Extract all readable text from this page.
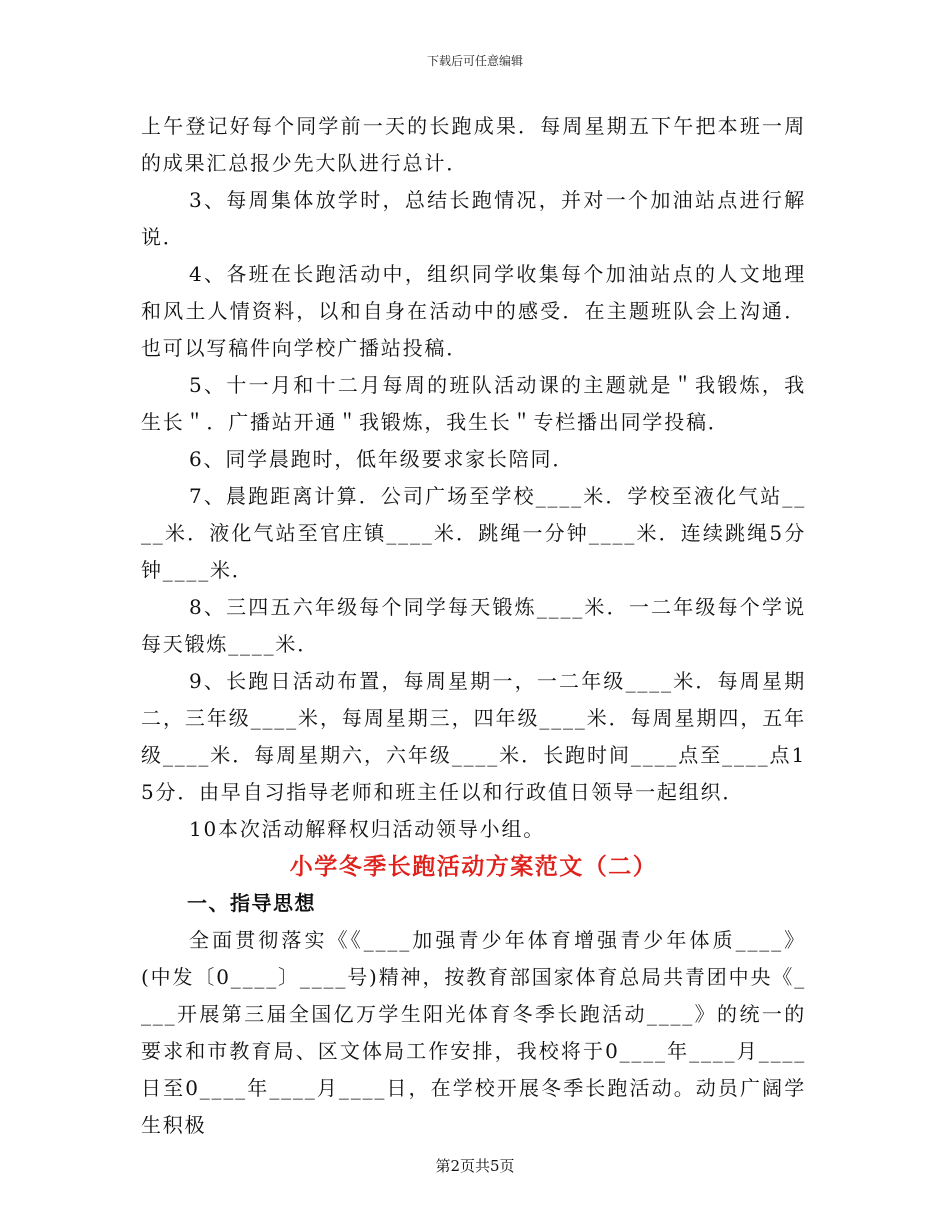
下载后可任意编辑

上午登记好每个同学前一天的长跑成果．每周星期五下午把本班一周的成果汇总报少先大队进行总计．

3、每周集体放学时，总结长跑情况，并对一个加油站点进行解说．

4、各班在长跑活动中，组织同学收集每个加油站点的人文地理和风土人情资料，以和自身在活动中的感受．在主题班队会上沟通．也可以写稿件向学校广播站投稿．

5、十一月和十二月每周的班队活动课的主题就是＂我锻炼，我生长＂．广播站开通＂我锻炼，我生长＂专栏播出同学投稿．

6、同学晨跑时，低年级要求家长陪同．

7、晨跑距离计算．公司广场至学校____米．学校至液化气站____米．液化气站至官庄镇____米．跳绳一分钟____米．连续跳绳5分钟____米．

8、三四五六年级每个同学每天锻炼____米．一二年级每个学说每天锻炼____米．

9、长跑日活动布置，每周星期一，一二年级____米．每周星期二，三年级____米，每周星期三，四年级____米．每周星期四，五年级____米．每周星期六，六年级____米．长跑时间____点至____点15分．由早自习指导老师和班主任以和行政值日领导一起组织．

10本次活动解释权归活动领导小组。

小学冬季长跑活动方案范文（二）
一、指导思想

全面贯彻落实《《____加强青少年体育增强青少年体质____》(中发〔0____〕____号)精神，按教育部国家体育总局共青团中央《____开展第三届全国亿万学生阳光体育冬季长跑活动____》的统一的要求和市教育局、区文体局工作安排，我校将于0____年____月____日至0____年____月____日，在学校开展冬季长跑活动。动员广阔学生积极

第2页共5页
